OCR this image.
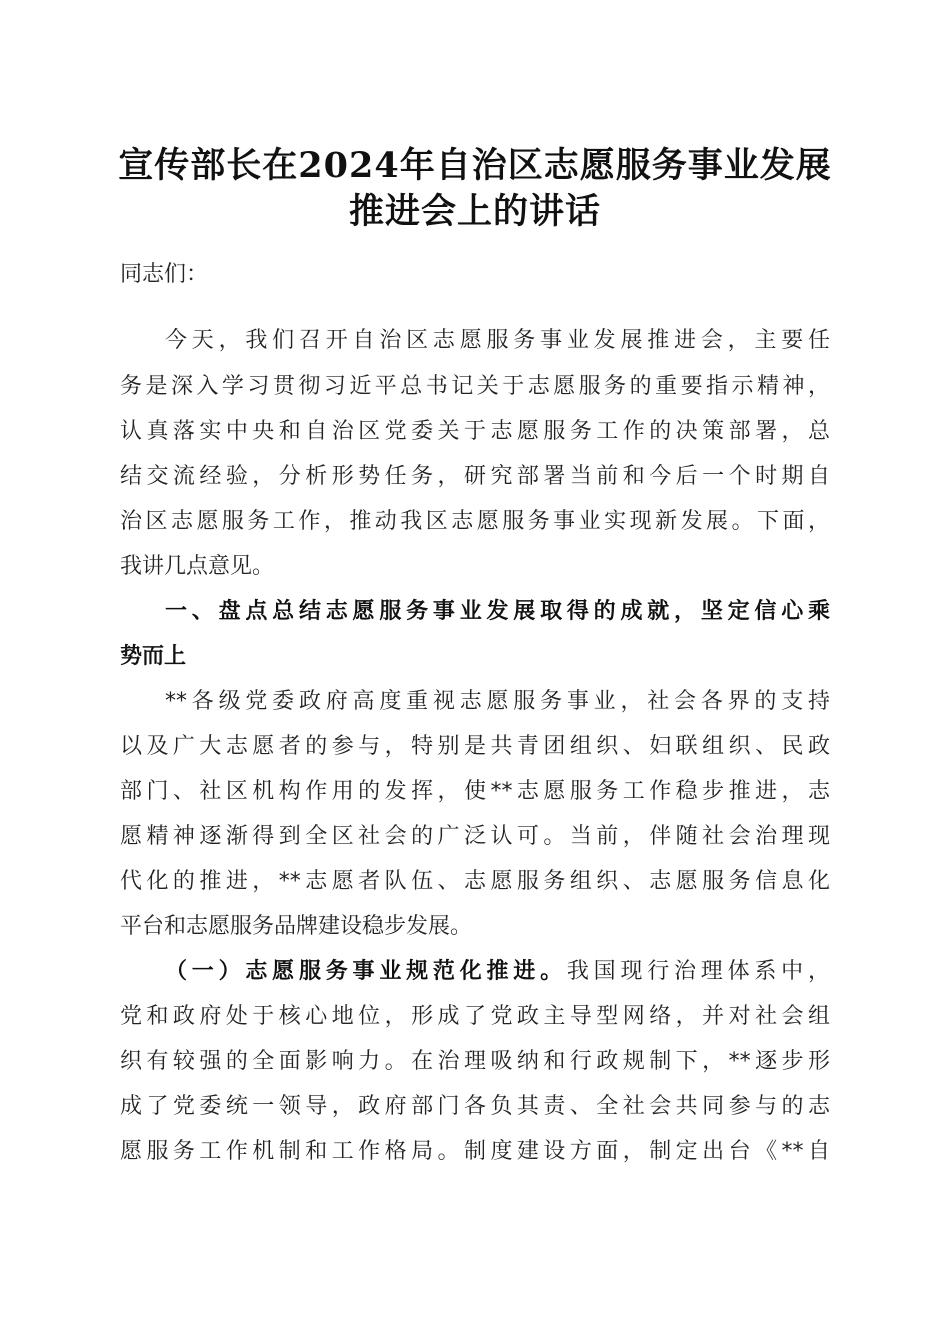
宣传部长在2024年自治区志愿服务事业发展
推进会上的讲话
同志们：
今天，我们召开自治区志愿服务事业发展推进会，主要任
务是深入学习贯彻习近平总书记关于志愿服务的重要指示精神，
认真落实中央和自治区党委关于志愿服务工作的决策部署，总
结交流经验，分析形势任务，研究部署当前和今后一个时期自
治区志愿服务工作，推动我区志愿服务事业实现新发展。下面，
我讲几点意见。
一、盘点总结志愿服务事业发展取得的成就，坚定信心乘
势而上
**各级党委政府高度重视志愿服务事业，社会各界的支持
以及广大志愿者的参与，特别是共青团组织、妇联组织、民政
部门、社区机构作用的发挥，使**志愿服务工作稳步推进，志
愿精神逐渐得到全区社会的广泛认可。当前，伴随社会治理现
代化的推进，**志愿者队伍、志愿服务组织、志愿服务信息化
平台和志愿服务品牌建设稳步发展。
（一）志愿服务事业规范化推进。我国现行治理体系中，
党和政府处于核心地位，形成了党政主导型网络，并对社会组
织有较强的全面影响力。在治理吸纳和行政规制下，**逐步形
成了党委统一领导，政府部门各负其责、全社会共同参与的志
愿服务工作机制和工作格局。制度建设方面，制定出台《**自
